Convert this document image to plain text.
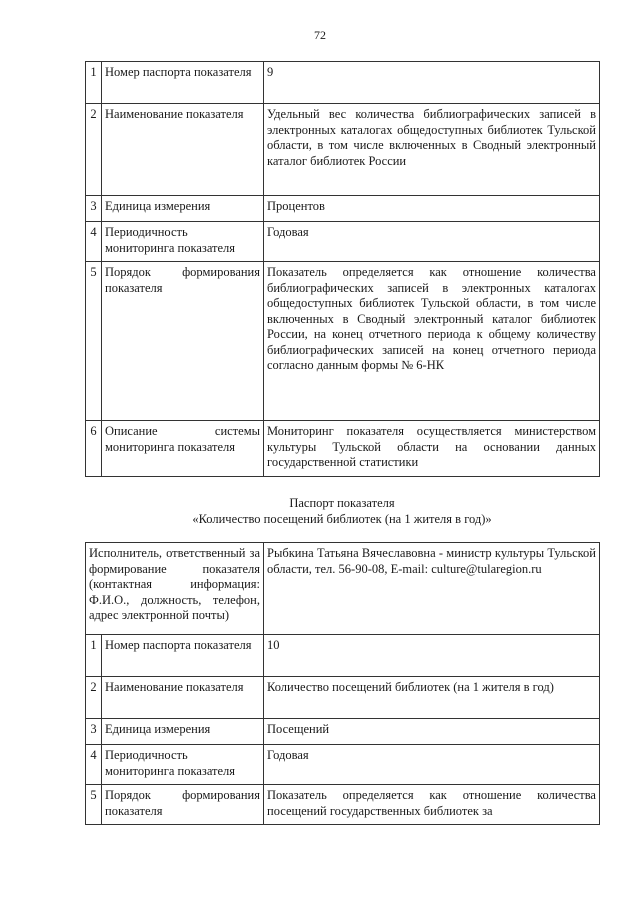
72
1	Номер паспорта показателя	9
2	Наименование показателя	Удельный вес количества библиографических записей в электронных каталогах общедоступных библиотек Тульской области, в том числе включенных в Сводный электронный каталог библиотек России
3	Единица измерения	Процентов
4	Периодичность мониторинга показателя	Годовая
5	Порядок формирования показателя	Показатель определяется как отношение количества библиографических записей в электронных каталогах общедоступных библиотек Тульской области, в том числе включенных в Сводный электронный каталог библиотек России, на конец отчетного периода к общему количеству библиографических записей на конец отчетного периода согласно данным формы № 6-НК
6	Описание системы мониторинга показателя	Мониторинг показателя осуществляется министерством культуры Тульской области на основании данных государственной статистики
Паспорт показателя
«Количество посещений библиотек (на 1 жителя в год)»
Исполнитель, ответственный за формирование показателя (контактная информация: Ф.И.О., должность, телефон, адрес электронной почты)		Рыбкина Татьяна Вячеславовна - министр культуры Тульской области, тел. 56-90-08, E-mail: culture@tularegion.ru
1	Номер паспорта показателя	10
2	Наименование показателя	Количество посещений библиотек (на 1 жителя в год)
3	Единица измерения	Посещений
4	Периодичность мониторинга показателя	Годовая
5	Порядок формирования показателя	Показатель определяется как отношение количества посещений государственных библиотек за
